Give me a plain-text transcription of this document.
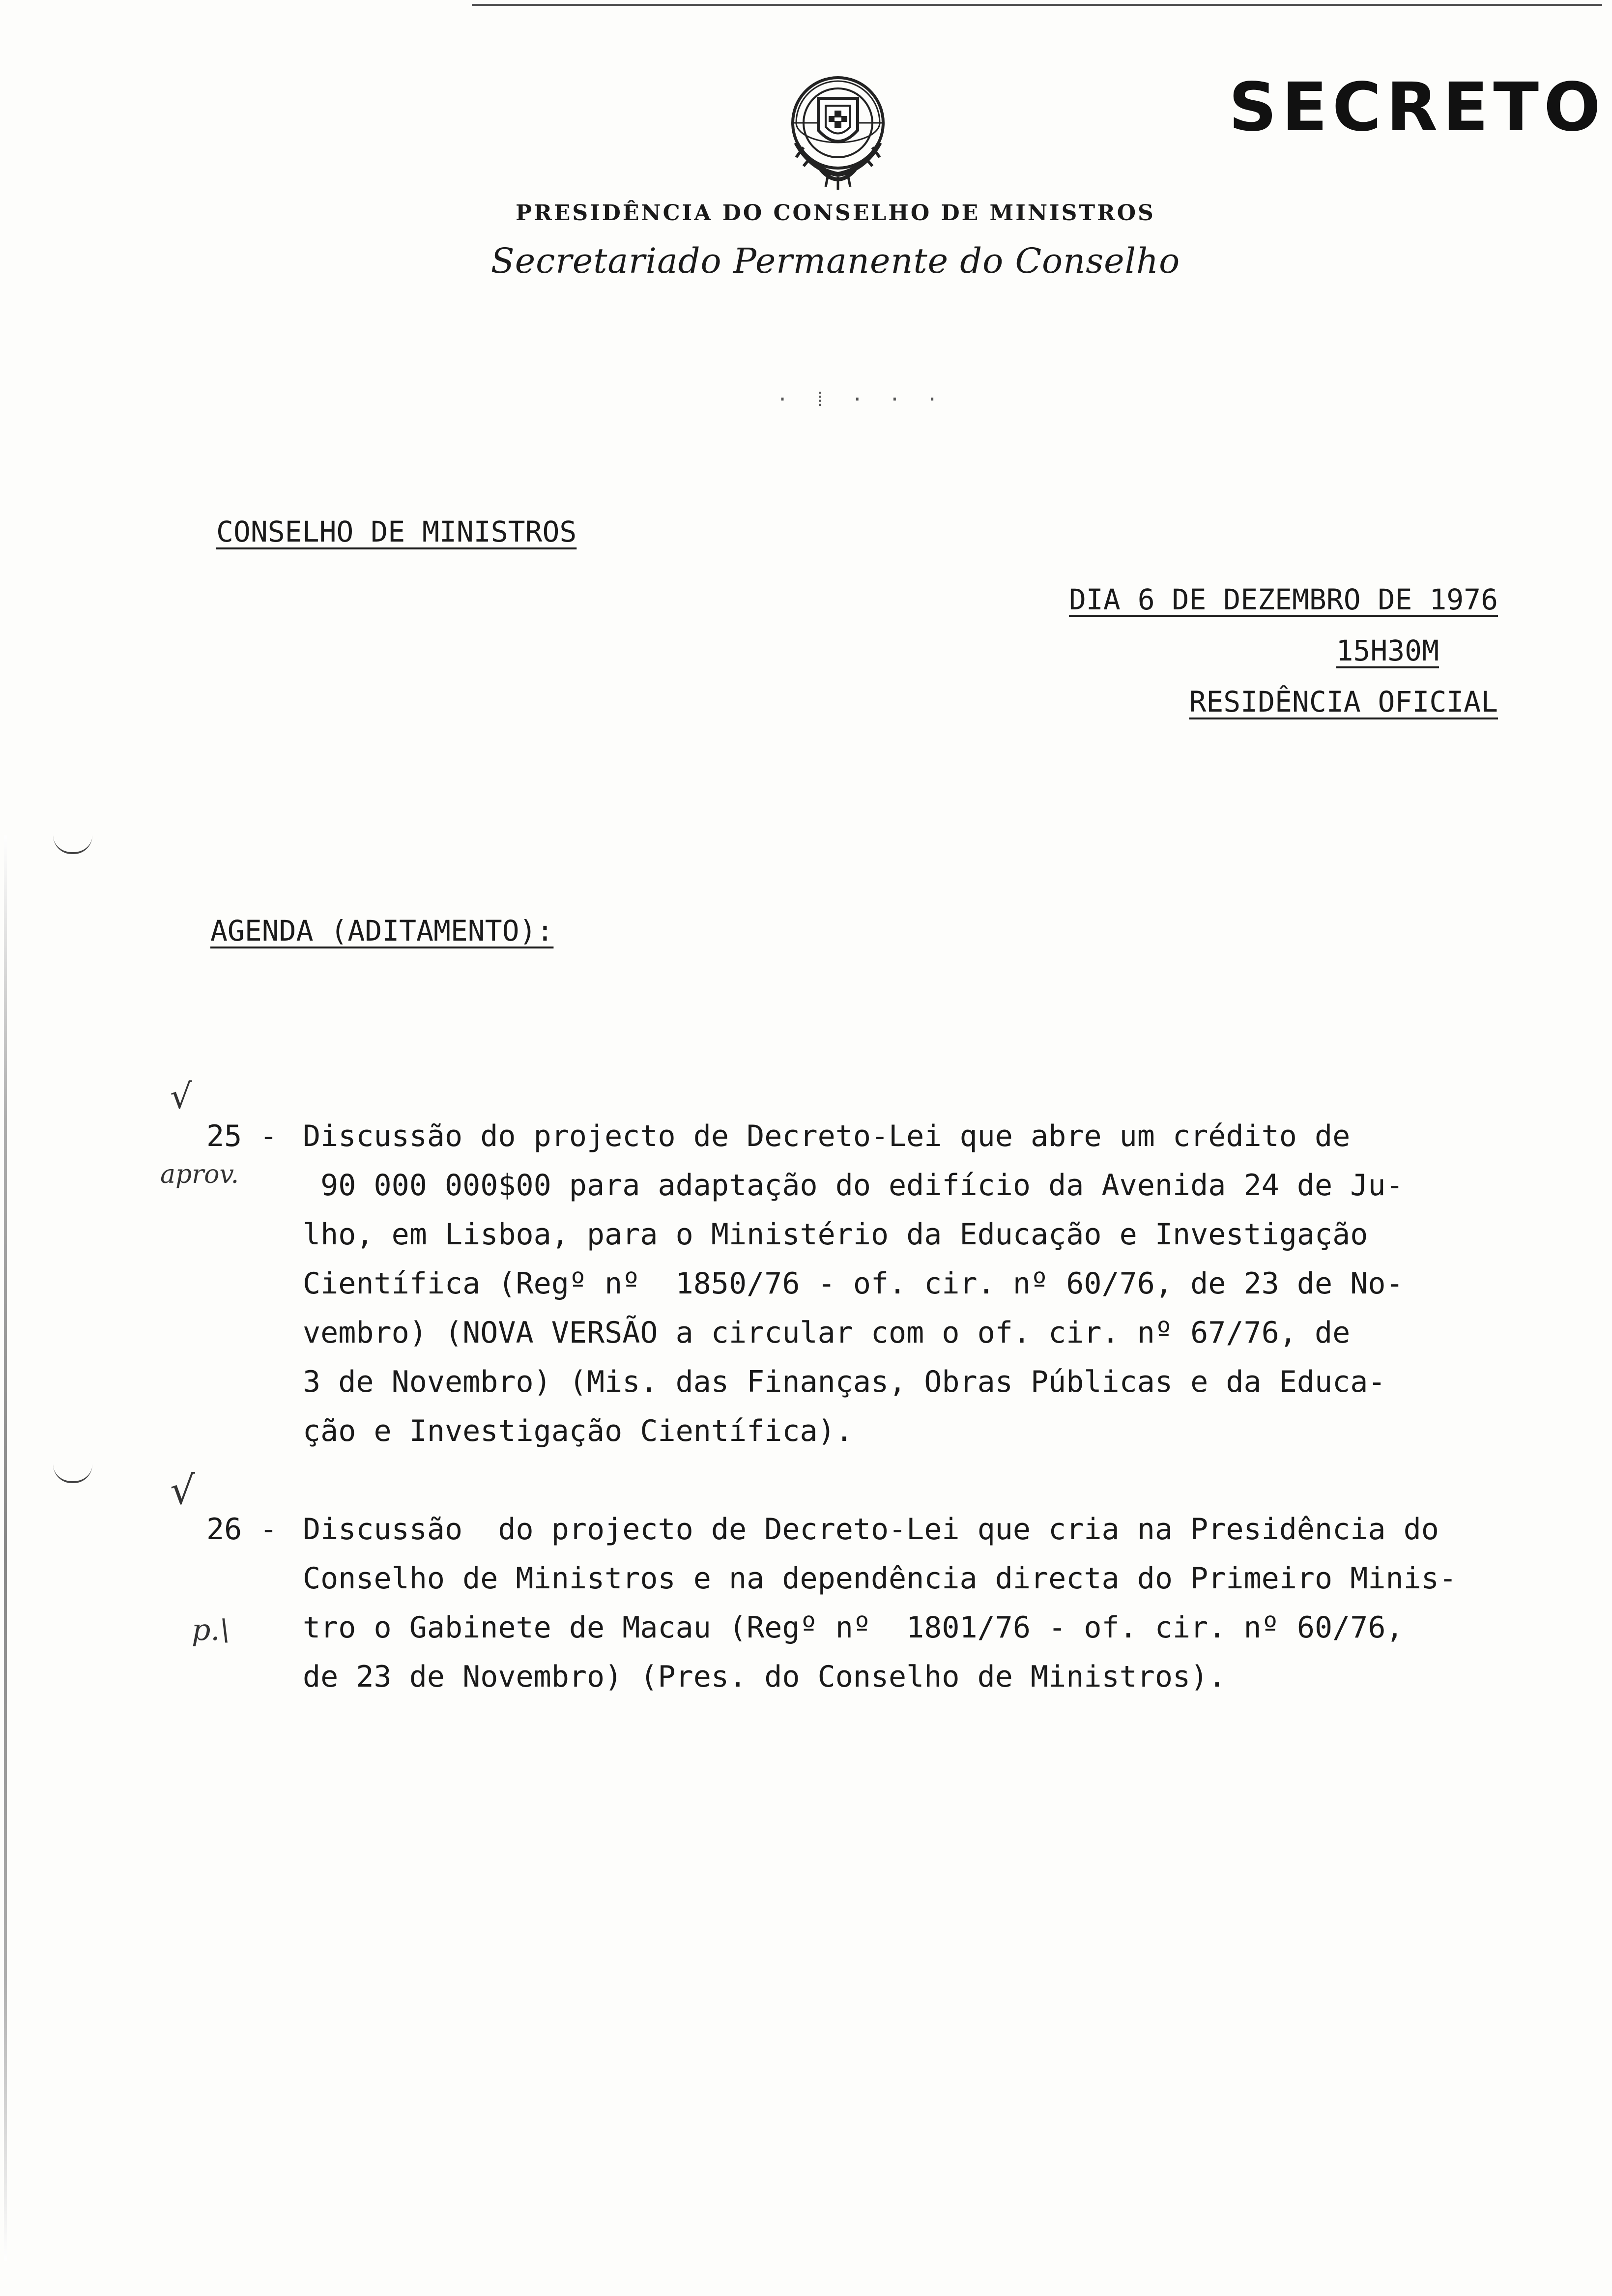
SECRETO
PRESIDÊNCIA DO CONSELHO DE MINISTROS
Secretariado Permanente do Conselho
· ⁞ · · ·
CONSELHO DE MINISTROS
DIA 6 DE DEZEMBRO DE 1976
15H30M
RESIDÊNCIA OFICIAL
AGENDA (ADITAMENTO):
√
aprov.
25 - Discussão do projecto de Decreto-Lei que abre um crédito de
90 000 000$00 para adaptação do edifício da Avenida 24 de Ju-
lho, em Lisboa, para o Ministério da Educação e Investigação
Científica (Regº nº  1850/76 - of. cir. nº 60/76, de 23 de No-
vembro) (NOVA VERSÃO a circular com o of. cir. nº 67/76, de
3 de Novembro) (Mis. das Finanças, Obras Públicas e da Educa-
ção e Investigação Científica).
√
p.\
26 - Discussão  do projecto de Decreto-Lei que cria na Presidência do
Conselho de Ministros e na dependência directa do Primeiro Minis-
tro o Gabinete de Macau (Regº nº  1801/76 - of. cir. nº 60/76,
de 23 de Novembro) (Pres. do Conselho de Ministros).
